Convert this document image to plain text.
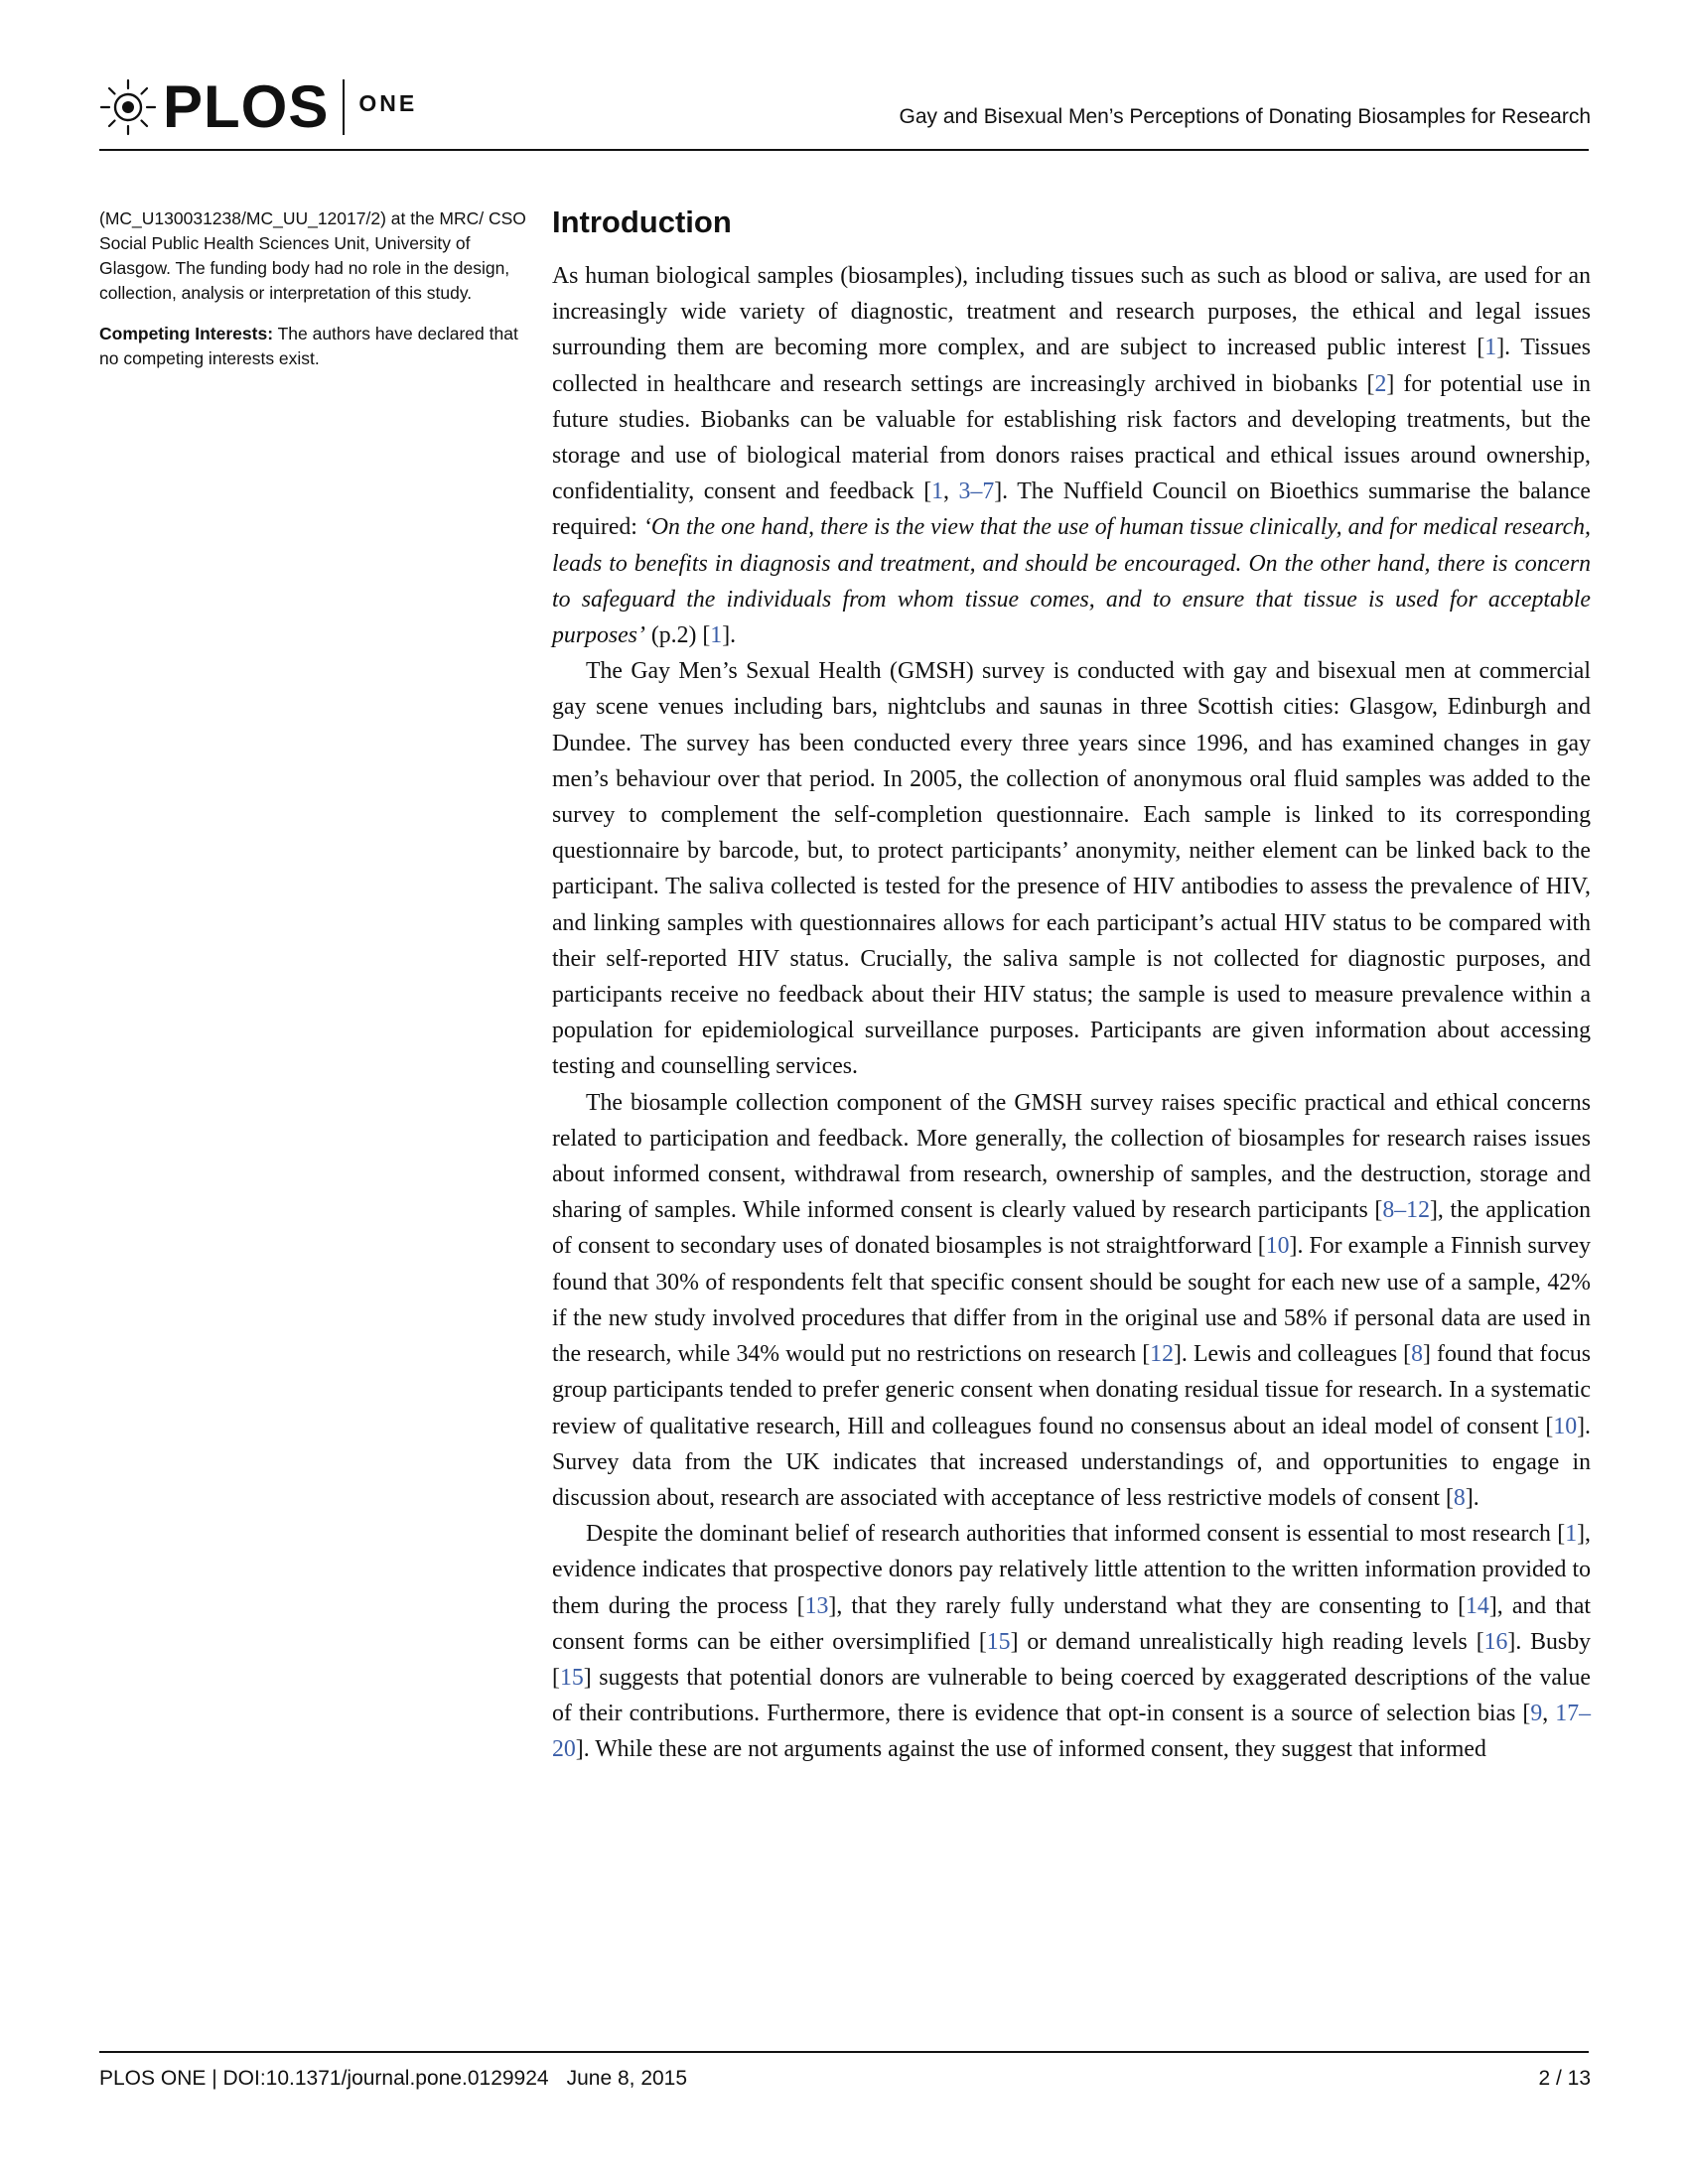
PLOS ONE
Gay and Bisexual Men’s Perceptions of Donating Biosamples for Research

(MC_U130031238/MC_UU_12017/2) at the MRC/ CSO Social Public Health Sciences Unit, University of Glasgow. The funding body had no role in the design, collection, analysis or interpretation of this study.

Competing Interests: The authors have declared that no competing interests exist.

Introduction

As human biological samples (biosamples), including tissues such as such as blood or saliva, are used for an increasingly wide variety of diagnostic, treatment and research purposes, the ethical and legal issues surrounding them are becoming more complex, and are subject to increased public interest [1]. Tissues collected in healthcare and research settings are increasingly archived in biobanks [2] for potential use in future studies. Biobanks can be valuable for establishing risk factors and developing treatments, but the storage and use of biological material from donors raises practical and ethical issues around ownership, confidentiality, consent and feedback [1, 3–7]. The Nuffield Council on Bioethics summarise the balance required: ‘On the one hand, there is the view that the use of human tissue clinically, and for medical research, leads to benefits in diagnosis and treatment, and should be encouraged. On the other hand, there is concern to safeguard the individuals from whom tissue comes, and to ensure that tissue is used for acceptable purposes’ (p.2) [1].

The Gay Men’s Sexual Health (GMSH) survey is conducted with gay and bisexual men at commercial gay scene venues including bars, nightclubs and saunas in three Scottish cities: Glasgow, Edinburgh and Dundee. The survey has been conducted every three years since 1996, and has examined changes in gay men’s behaviour over that period. In 2005, the collection of anonymous oral fluid samples was added to the survey to complement the self-completion questionnaire. Each sample is linked to its corresponding questionnaire by barcode, but, to protect participants’ anonymity, neither element can be linked back to the participant. The saliva collected is tested for the presence of HIV antibodies to assess the prevalence of HIV, and linking samples with questionnaires allows for each participant’s actual HIV status to be compared with their self-reported HIV status. Crucially, the saliva sample is not collected for diagnostic purposes, and participants receive no feedback about their HIV status; the sample is used to measure prevalence within a population for epidemiological surveillance purposes. Participants are given information about accessing testing and counselling services.

The biosample collection component of the GMSH survey raises specific practical and ethical concerns related to participation and feedback. More generally, the collection of biosamples for research raises issues about informed consent, withdrawal from research, ownership of samples, and the destruction, storage and sharing of samples. While informed consent is clearly valued by research participants [8–12], the application of consent to secondary uses of donated biosamples is not straightforward [10]. For example a Finnish survey found that 30% of respondents felt that specific consent should be sought for each new use of a sample, 42% if the new study involved procedures that differ from in the original use and 58% if personal data are used in the research, while 34% would put no restrictions on research [12]. Lewis and colleagues [8] found that focus group participants tended to prefer generic consent when donating residual tissue for research. In a systematic review of qualitative research, Hill and colleagues found no consensus about an ideal model of consent [10]. Survey data from the UK indicates that increased understandings of, and opportunities to engage in discussion about, research are associated with acceptance of less restrictive models of consent [8].

Despite the dominant belief of research authorities that informed consent is essential to most research [1], evidence indicates that prospective donors pay relatively little attention to the written information provided to them during the process [13], that they rarely fully understand what they are consenting to [14], and that consent forms can be either oversimplified [15] or demand unrealistically high reading levels [16]. Busby [15] suggests that potential donors are vulnerable to being coerced by exaggerated descriptions of the value of their contributions. Furthermore, there is evidence that opt-in consent is a source of selection bias [9, 17–20]. While these are not arguments against the use of informed consent, they suggest that informed

PLOS ONE | DOI:10.1371/journal.pone.0129924 June 8, 2015	2 / 13
